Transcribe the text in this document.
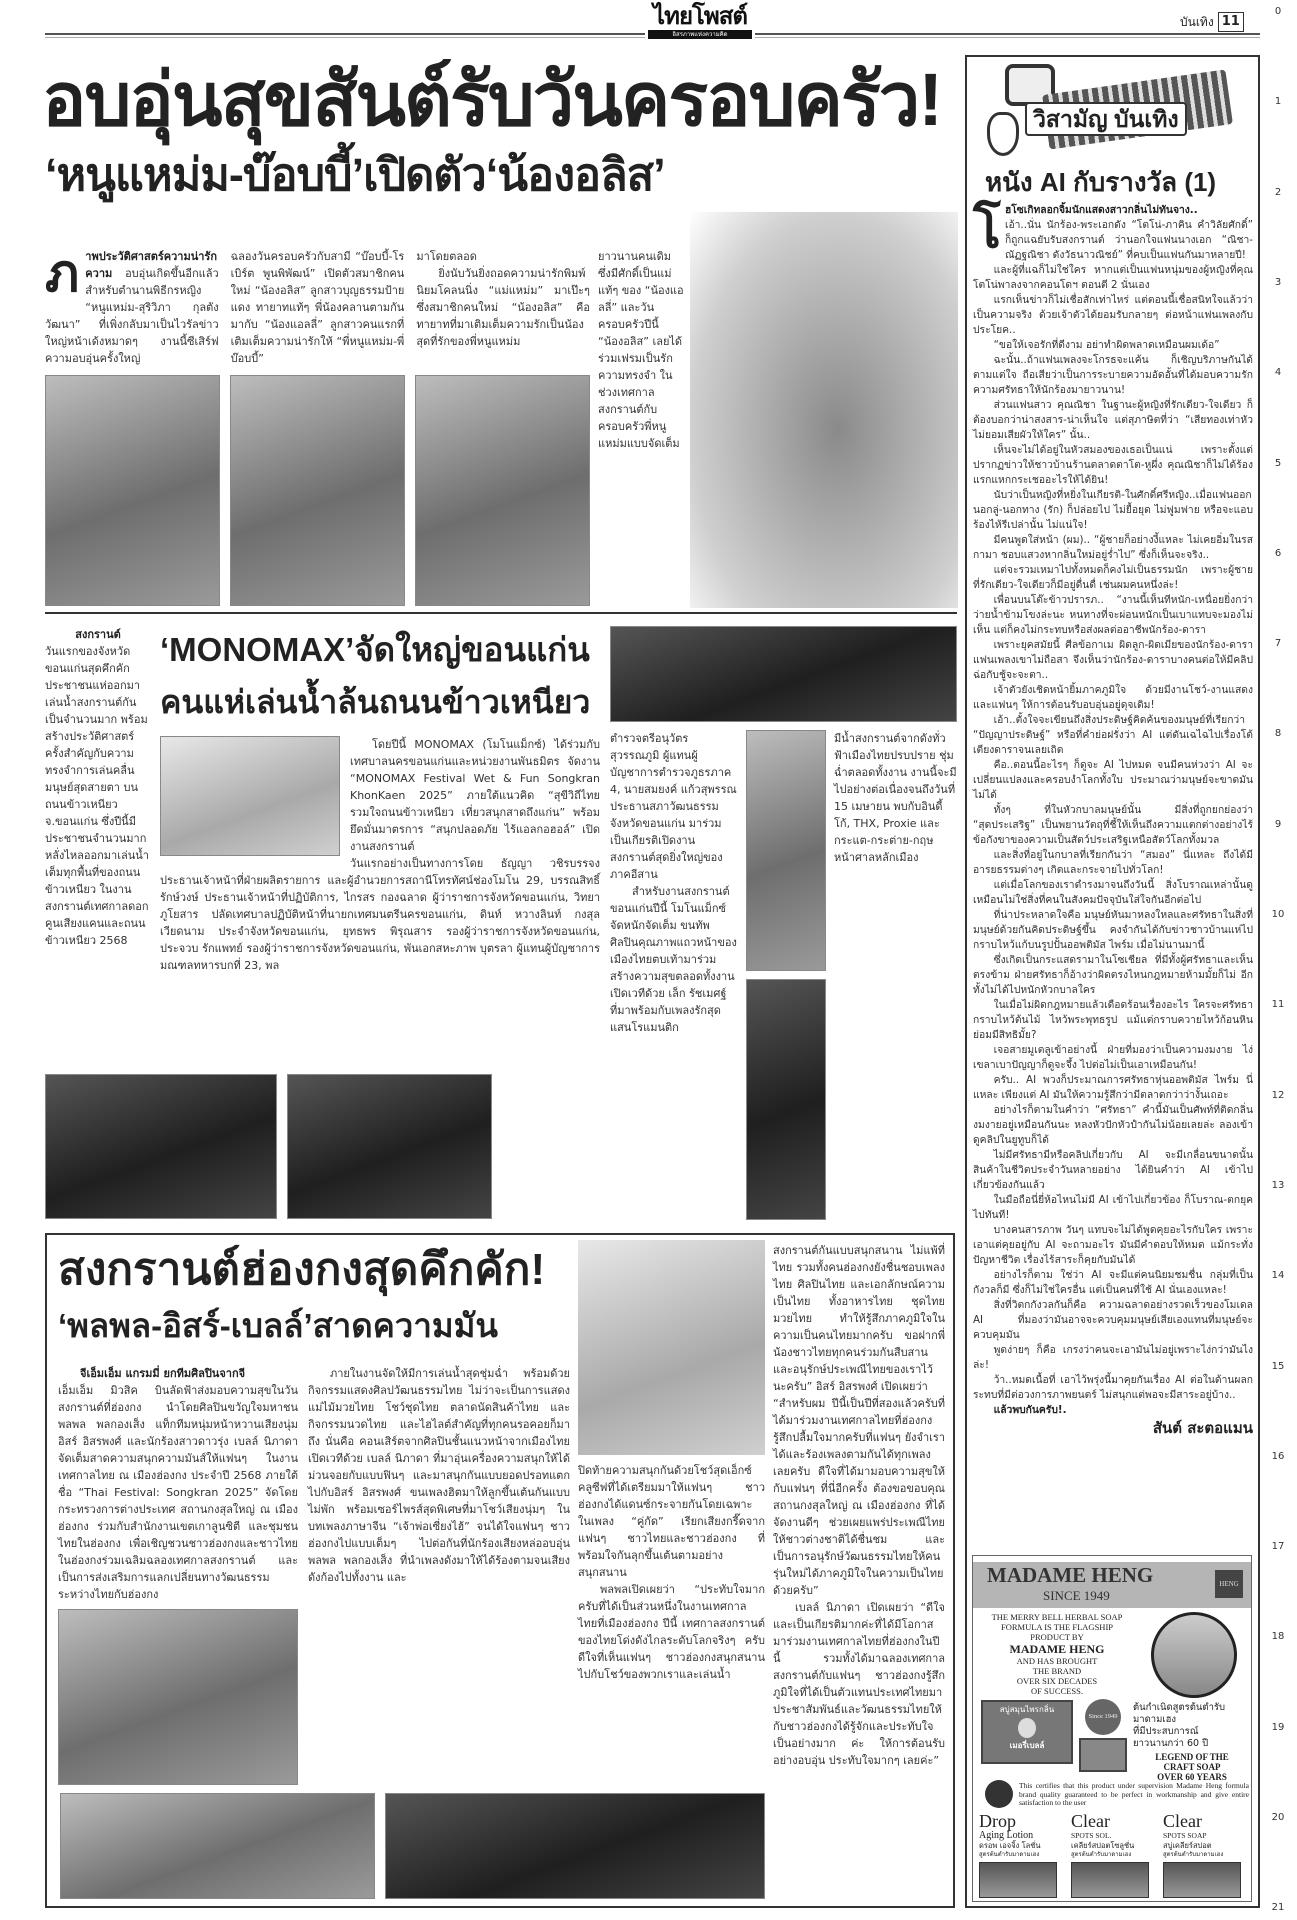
ไทยโพสต์
อิสรภาพแห่งความคิด
บันเทิง 11
0
1
2
3
4
5
6
7
8
9
10
11
12
13
14
15
16
17
18
19
20
21
อบอุ่นสุขสันต์รับวันครอบครัว!
‘หนูแหม่ม-บ๊อบบี้’เปิดตัว‘น้องอลิส’
ภ าพประวัติศาสตร์ความน่ารักความ อบอุ่นเกิดขึ้นอีกแล้ว สำหรับตำนานพิธีกรหญิง “หนูแหม่ม-สุริวิภา กุลตังวัฒนา” ที่เพิ่งกลับมาเป็นไวรัลข่าวใหญ่หน้าเด้งหมาดๆ งานนี้ซีเสิร์ฟความอบอุ่นครั้งใหญ่

ฉลองวันครอบครัวกับสามี “บ๊อบบี้-โรเบิร์ต พูนพิพัฒน์” เปิดตัวสมาชิกคนใหม่ “น้องอลิส” ลูกสาวบุญธรรมป้ายแดง ทายาทแท้ๆ พี่น้องคลานตามกันมากับ “น้องแอลลี่” ลูกสาวคนแรกที่เติมเต็มความน่ารักให้ “พี่หนูแหม่ม-พี่บ๊อบบี้”

มาโดยตลอด

ยิ่งนับวันยิ่งถอดความน่ารักพิมพ์นิยมโคลนนิ่ง “แม่แหม่ม” มาเป๊ะๆ ซึ่งสมาชิกคนใหม่ “น้องอลิส” คือทายาทที่มาเติมเต็มความรักเป็นน้องสุดที่รักของพี่หนูแหม่ม

ยาวนานคนเดิม ซึ่งมีศักดิ์เป็นแม่แท้ๆ ของ “น้องแอลลี่” และวันครอบครัวปีนี้ “น้องอลิส” เลยได้ร่วมเฟรมเป็นรักความทรงจำ ในช่วงเทศกาลสงกรานต์กับครอบครัวพี่หนูแหม่มแบบจัดเต็ม

สงกรานต์

วันแรกของจังหวัดขอนแก่นสุดคึกคัก ประชาชนแห่ออกมาเล่นน้ำสงกรานต์กันเป็นจำนวนมาก พร้อมสร้างประวัติศาสตร์ครั้งสำคัญกับความทรงจำการเล่นคลื่นมนุษย์สุดสายตา บนถนนข้าวเหนียว จ.ขอนแก่น ซึ่งปีนี้มีประชาชนจำนวนมากหลั่งไหลออกมาเล่นน้ำเต็มทุกพื้นที่ของถนนข้าวเหนียว ในงานสงกรานต์เทศกาลดอกคูนเสียงแคนและถนนข้าวเหนียว 2568

‘MONOMAX’จัดใหญ่ขอนแก่น
คนแห่เล่นน้ำล้นถนนข้าวเหนียว

โดยปีนี้ MONOMAX (โมโนแม็กซ์) ได้ร่วมกับ เทศบาลนครขอนแก่นและหน่วยงานพันธมิตร จัดงาน “MONOMAX Festival Wet & Fun Songkran KhonKaen 2025” ภายใต้แนวคิด “สุขีวิถีไทย รวมใจถนนข้าวเหนียว เที่ยวสนุกสาดถึงแก่น” พร้อมยึดมั่นมาตรการ “สนุกปลอดภัย ไร้แอลกอฮอล์” เปิดงานสงกรานต์

วันแรกอย่างเป็นทางการโดย ธัญญา วชิรบรรจง ประธานเจ้าหน้าที่ฝ่ายผลิตรายการ และผู้อำนวยการสถานีโทรทัศน์ช่องโมโน 29, บรรณสิทธิ์ รักษ์วงษ์ ประธานเจ้าหน้าที่ปฏิบัติการ, ไกรสร กองฉลาด ผู้ว่าราชการจังหวัดขอนแก่น, วิทยา ภูโยสาร ปลัดเทศบาลปฏิบัติหน้าที่นายกเทศมนตรีนครขอนแก่น, ดินท์ หวางลินท์ กงสุลเวียดนาม ประจำจังหวัดขอนแก่น, ยุทธพร พิรุณสาร รองผู้ว่าราชการจังหวัดขอนแก่น, ประจวบ รักแพทย์ รองผู้ว่าราชการจังหวัดขอนแก่น, พันเอกสหะภาพ บุตรลา ผู้แทนผู้บัญชาการมณฑลทหารบกที่ 23, พล

ตำรวจตรีอนุวัตร สุวรรณภูมิ ผู้แทนผู้บัญชาการตำรวจภูธรภาค 4, นายสมยงค์ แก้วสุพรรณ ประธานสภาวัฒนธรรมจังหวัดขอนแก่น มาร่วมเป็นเกียรติเปิดงานสงกรานต์สุดยิ่งใหญ่ของภาคอีสาน

สำหรับงานสงกรานต์ขอนแก่นปีนี้ โมโนแม็กซ์จัดหนักจัดเต็ม ขนทัพศิลปินคุณภาพแถวหน้าของเมืองไทยตบเท้ามาร่วมสร้างความสุขตลอดทั้งงาน เปิดเวทีด้วย เล็ก รัชเมศฐ์ ที่มาพร้อมกับเพลงรักสุดแสนโรแมนติก

มีน้ำสงกรานต์จากดังทั่วฟ้าเมืองไทยปรบปราย ชุ่มฉ่ำตลอดทั้งงาน งานนี้จะมีไปอย่างต่อเนื่องจนถึงวันที่ 15 เมษายน พบกับอินดี้โก้, THX, Proxie และกระแต-กระต่าย-กฤษ หน้าศาลหลักเมือง

สงกรานต์ฮ่องกงสุดคึกคัก!
‘พลพล-อิสร์-เบลล์’สาดความมัน

สงกรานต์กันแบบสนุกสนาน ไม่แพ้ที่ไทย รวมทั้งคนฮ่องกงยังชื่นชอบเพลงไทย ศิลปินไทย และเอกลักษณ์ความเป็นไทย ทั้งอาหารไทย ชุดไทย มวยไทย ทำให้รู้สึกภาคภูมิใจในความเป็นคนไทยมากครับ ขอฝากพี่น้องชาวไทยทุกคนร่วมกันสืบสานและอนุรักษ์ประเพณีไทยของเราไว้นะครับ” อิสร์ อิสรพงศ์ เปิดเผยว่า

“สำหรับผม ปีนี้เป็นปีที่สองแล้วครับที่ได้มาร่วมงานเทศกาลไทยที่ฮ่องกง รู้สึกปลื้มใจมากครับที่แฟนๆ ยังจำเราได้และร้องเพลงตามกันได้ทุกเพลงเลยครับ ดีใจที่ได้มามอบความสุขให้กับแฟนๆ ที่นี่อีกครั้ง ต้องขอขอบคุณสถานกงสุลใหญ่ ณ เมืองฮ่องกง ที่ได้จัดงานดีๆ ช่วยเผยแพร่ประเพณีไทยให้ชาวต่างชาติได้ชื่นชม และเป็นการอนุรักษ์วัฒนธรรมไทยให้คนรุ่นใหม่ได้ภาคภูมิใจในความเป็นไทยด้วยครับ”

เบลล์ นิภาดา เปิดเผยว่า “ดีใจและเป็นเกียรติมากค่ะที่ได้มีโอกาสมาร่วมงานเทศกาลไทยที่ฮ่องกงในปีนี้ รวมทั้งได้มาฉลองเทศกาลสงกรานต์กับแฟนๆ ชาวฮ่องกงรู้สึกภูมิใจที่ได้เป็นตัวแทนประเทศไทยมาประชาสัมพันธ์และวัฒนธรรมไทยให้กับชาวฮ่องกงได้รู้จักและประทับใจเป็นอย่างมาก ค่ะ ให้การต้อนรับอย่างอบอุ่น ประทับใจมากๆ เลยค่ะ”

จีเอ็มเอ็ม แกรมมี่ ยกทีมศิลปินจากจี

เอ็มเอ็ม มิวสิค บินลัดฟ้าส่งมอบความสุขในวันสงกรานต์ที่ฮ่องกง นำโดยศิลปินขวัญใจมหาชน พลพล พลกองเส็ง แท็กทีมหนุ่มหน้าหวานเสียงนุ่ม อิสร์ อิสรพงศ์ และนักร้องสาวดาวรุ่ง เบลล์ นิภาดา จัดเต็มสาดความสนุกความมันส์ให้แฟนๆ ในงานเทศกาลไทย ณ เมืองฮ่องกง ประจำปี 2568 ภายใต้ชื่อ “Thai Festival: Songkran 2025” จัดโดยกระทรวงการต่างประเทศ สถานกงสุลใหญ่ ณ เมืองฮ่องกง ร่วมกับสำนักงานเขตเกาลูนซิตี และชุมชนไทยในฮ่องกง เพื่อเชิญชวนชาวฮ่องกงและชาวไทยในฮ่องกงร่วมเฉลิมฉลองเทศกาลสงกรานต์ และเป็นการส่งเสริมการแลกเปลี่ยนทางวัฒนธรรมระหว่างไทยกับฮ่องกง

ภายในงานจัดให้มีการเล่นน้ำสุดชุ่มฉ่ำ พร้อมด้วยกิจกรรมแสดงศิลปวัฒนธรรมไทย ไม่ว่าจะเป็นการแสดงแม่ไม้มวยไทย โชว์ชุดไทย ตลาดนัดสินค้าไทย และกิจกรรมนวดไทย และไฮไลต์สำคัญที่ทุกคนรอคอยก็มาถึง นั่นคือ คอนเสิร์ตจากศิลปินชั้นแนวหน้าจากเมืองไทย เปิดเวทีด้วย เบลล์ นิภาดา ที่มาอุ่นเครื่องความสนุกให้ได้ม่วนจอยกับแบบฟินๆ และมาสนุกกันแบบยอดปรอทแตกไปกับอิสร์ อิสรพงศ์ ขนเพลงฮิตมาให้ลูกขึ้นเต้นกันแบบไม่พัก พร้อมเซอร์ไพรส์สุดพิเศษที่มาโชว์เสียงนุ่มๆ ในบทเพลงภาษาจีน “เจ้าพ่อเซี่ยงไฮ้” จนได้ใจแฟนๆ ชาวฮ่องกงไปแบบเต็มๆ ไปต่อกันที่นักร้องเสียงหล่ออบอุ่น พลพล พลกองเส็ง ที่นำเพลงดังมาให้ได้ร้องตามจนเสียงดังก้องไปทั้งงาน และ

ปิดท้ายความสนุกกันด้วยโชว์สุดเอ็กซ์คลูซีฟที่ได้เตรียมมาให้แฟนๆ ชาวฮ่องกงได้แดนซ์กระจายกันโดยเฉพาะ ในเพลง “คู่กัด” เรียกเสียงกรี๊ดจากแฟนๆ ชาวไทยและชาวฮ่องกง ที่พร้อมใจกันลุกขึ้นเต้นตามอย่างสนุกสนาน

พลพลเปิดเผยว่า “ประทับใจมากครับที่ได้เป็นส่วนหนึ่งในงานเทศกาลไทยที่เมืองฮ่องกง ปีนี้ เทศกาลสงกรานต์ของไทยโด่งดังไกลระดับโลกจริงๆ ครับ ดีใจที่เห็นแฟนๆ ชาวฮ่องกงสนุกสนานไปกับโชว์ของพวกเราและเล่นน้ำ

วิสามัญ บันเทิง
หนัง AI กับรางวัล (1)
โ ฮโซเกิทลอกจิ้มนักแสดงสาวกลิ่นไม่ทันจาง..

เอ้า..นั่น นักร้อง-พระเอกดัง “โตโน่-ภาคิน คำวิลัยศักดิ์” ก็ถูกแฉยับรับสงกรานต์ ว่านอกใจแฟนนางเอก “ณิชา-ณัฏฐณิชา ดังวัธนาวณิชย์” ที่คบเป็นแฟนกันมาหลายปี!

และผู้ที่แฉก็ไม่ใช่ใคร หากแต่เป็นแฟนหนุ่มของผู้หญิงที่คุณโตโน่พาลงจากคอนโดฯ ตอนตี 2 นั่นเอง

แรกเห็นข่าวก็ไม่เชื่อสักเท่าไหร่ แต่ตอนนี้เชื่อสนิทใจแล้วว่าเป็นความจริง ด้วยเจ้าตัวได้ยอมรับกลายๆ ต่อหน้าแฟนเพลงกับประโยค..

“ขอให้เจอรักที่ดีงาม อย่าทำผิดพลาดเหมือนผมเด้อ”

ฉะนั้น..ถ้าแฟนเพลงจะโกรธจะแค้น ก็เชิญบริภาษกันได้ตามแต่ใจ ถือเสียว่าเป็นการระบายความอัดอั้นที่ได้มอบความรักความศรัทธาให้นักร้องมายาวนาน!

ส่วนแฟนสาว คุณณิชา ในฐานะผู้หญิงที่รักเดียว-ใจเดียว ก็ต้องบอกว่าน่าสงสาร-น่าเห็นใจ แต่สุภาษิตที่ว่า “เสียทองเท่าหัว ไม่ยอมเสียผัวให้ใคร” นั้น..

เห็นจะไม่ได้อยู่ในหัวสมองของเธอเป็นแน่ เพราะตั้งแต่ปรากฏข่าวให้ชาวบ้านร้านตลาดตาโต-หูผึ่ง คุณณิชาก็ไม่ได้ร้องแรกแหกกระเชออะไรให้ได้ยิน!

นับว่าเป็นหญิงที่หยิ่งในเกียรติ-ในศักดิ์ศรีหญิง..เมื่อแฟนออกนอกลู่-นอกทาง (รัก) ก็ปล่อยไป ไม่ยื้อยุด ไม่ฟูมฟาย หรือจะแอบร้องไห้รีเปล่านั้น ไม่แน่ใจ!

มีคนพูดใส่หน้า (ผม).. “ผู้ชายก็อย่างงี้แหละ ไม่เคยอิ่มในรสกามา ชอบแสวงหากลิ่นใหม่อยู่ร่ำไป” ซึ่งก็เห็นจะจริง..

แต่จะรวมเหมาไปทั้งหมดก็คงไม่เป็นธรรมนัก เพราะผู้ชายที่รักเดียว-ใจเดียวก็มีอยู่ดื่นดื่ เช่นผมคนหนึ่งล่ะ!

เพื่อนบนโต๊ะข้าวปรารภ.. “งานนี้เห็นทีหนัก-เหนื่อยยิ่งกว่าว่ายน้ำข้ามโขงล่ะนะ หนทางที่จะผ่อนหนักเป็นเบาแทบจะมองไม่เห็น แต่ก็คงไม่กระทบหรือส่งผลต่ออาชีพนักร้อง-ดารา

เพราะยุคสมัยนี้ ศีลข้อกาเม ผิดลูก-ผิดเมียของนักร้อง-ดารา แฟนเพลงเขาไม่ถือสา จึงเห็นว่านักร้อง-ดาราบางคนต่อให้มีคลิปฉ่อกับชู้จะจะตา..

เจ้าตัวยังเชิดหน้ายิ้มภาคภูมิใจ ด้วยมีงานโชว์-งานแสดงและแฟนๆ ให้การต้อนรับอบอุ่นอยู่ดุจเดิม!

เอ้า..ตั้งใจจะเขียนถึงสิ่งประดิษฐ์คิดค้นของมนุษย์ที่เรียกว่า “ปัญญาประดิษฐ์” หรือที่คำย่อฝรั่งว่า AI แต่ดันเฉไฉไปเรื่องโต้เตียงดาราจนเลยเถิด

คือ..ตอนนี้อะไรๆ ก็ดูจะ AI ไปหมด จนมีคนห่วงว่า AI จะเปลี่ยนแปลงและครอบงำโลกทั้งใบ ประมาณว่ามนุษย์จะขาดมันไม่ได้

ทั้งๆ ที่ในหัวกบาลมนุษย์นั้น มีสิ่งที่ถูกยกย่องว่า “สุดประเสริฐ” เป็นพยานวัตถุที่ชี้ให้เห็นถึงความแตกต่างอย่างไร้ข้อกังขาของความเป็นสัตว์ประเสริฐเหนือสัตว์โลกทั้งมวล

และสิ่งที่อยู่ในกบาลที่เรียกกันว่า “สมอง” นี่แหละ ถึงได้มีอารยธรรมต่างๆ เกิดและกระจายไปทั่วโลก!

แต่เมื่อโลกของเราดำรงมาจนถึงวันนี้ สิ่งโบราณเหล่านั้นดูเหมือนไม่ใช่สิ่งที่คนในสังคมปัจจุบันใส่ใจกันอีกต่อไป

ที่น่าประหลาดใจคือ มนุษย์หันมาหลงใหลและศรัทธาในสิ่งที่มนุษย์ด้วยกันคิดประดิษฐ์ขึ้น คงจำกันได้กับข่าวชาวบ้านแห่ไปกราบไหว้แก้บนรูปปั้นออพติมัส ไพร์ม เมื่อไม่นานมานี้

ซึ่งเกิดเป็นกระแสดรามาในโซเชียล ที่มีทั้งผู้ศรัทธาและเห็นตรงข้าม ฝ่ายศรัทธาก็อ้างว่าผิดตรงไหนกฎหมายห้ามมั้ยก็ไม่ อีกทั้งไม่ได้ไปหนักหัวกบาลใคร

ในเมื่อไม่ผิดกฎหมายแล้วเดือดร้อนเรื่องอะไร ใครจะศรัทธากราบไหว้ต้นไม้ ไหว้พระพุทธรูป แม้แต่กราบควายไหว้ก้อนหิน ย่อมมีสิทธิมั้ย?

เจอสายมูเตลูเข้าอย่างนี้ ฝ่ายที่มองว่าเป็นความงมงาย ไง่เขลาเบาปัญญาก็ดูจะจึ้ง ไปต่อไม่เป็นเอาเหมือนกัน!

ครับ.. AI พวงก็ประมาณการศรัทธาหุ่นออพติมัส ไพร์ม นี่แหละ เพียงแต่ AI มันให้ความรู้สึกว่ามีตลาดกว่าว่างั้นเถอะ

อย่างไรก็ตามในคำว่า “ศรัทธา” คำนี้มันเป็นศัพท์ที่ติดกลิ่นงมงายอยู่เหมือนกันนะ หลงหัวปักหัวปำกันไม่น้อยเลยล่ะ ลองเข้าดูคลิปในยูทูบก็ได้

ไม่มีศรัทธามีหรือคลิปเกี่ยวกับ AI จะมีเกลื่อนขนาดนั้น สินค้าในชีวิตประจำวันหลายอย่าง ได้ยินคำว่า AI เข้าไปเกี่ยวข้องกันแล้ว

ในมือถือนี่ยี่ห้อไหนไม่มี AI เข้าไปเกี่ยวข้อง ก็โบราณ-ตกยุคไปทันที!

บางคนสารภาพ วันๆ แทบจะไม่ได้พูดคุยอะไรกับใคร เพราะเอาแต่คุยอยู่กับ AI จะถามอะไร มันมีคำตอบให้หมด แม้กระทั่งปัญหาชีวิต เรื่องไร้สาระก็คุยกับมันได้

อย่างไรก็ตาม ใช่ว่า AI จะมีแต่คนนิยมชมชื่น กลุ่มที่เป็นกังวลก็มี ซึ่งก็ไม่ใช่ใครอื่น แต่เป็นคนที่ใช้ AI นั่นเองแหละ!

สิ่งที่วิตกกังวลกันก็คือ ความฉลาดอย่างรวดเร็วของโมเดล AI ที่มองว่ามันอาจจะควบคุมมนุษย์เสียเองแทนที่มนุษย์จะควบคุมมัน

พูดง่ายๆ ก็คือ เกรงว่าคนจะเอามันไม่อยู่เพราะไง่กว่ามันไงล่ะ!

ว้า..หมดเนื้อที่ เอาไว้พรุ่งนี้มาคุยกันเรื่อง AI ต่อในด้านผลกระทบที่มีต่อวงการภาพยนตร์ ไม่สนุกแต่พอจะมีสาระอยู่บ้าง..

แล้วพบกันครับ!.

สันต์ สะตอแมน

MADAME HENG
SINCE 1949
HENG
THE MERRY BELL HERBAL SOAP
FORMULA IS THE FLAGSHIP
PRODUCT BY
MADAME HENG
AND HAS BROUGHT
THE BRAND
OVER SIX DECADES
OF SUCCESS.
สบู่สมุนไพรกลิ่น
เมอรี่เบลล์
Since 1949
ต้นกำเนิดสูตรต้นตำรับ
มาดามเฮง
ที่มีประสบการณ์
ยาวนานกว่า 60 ปี
LEGEND OF THE
CRAFT SOAP
OVER 60 YEARS
This certifies that this product under supervision Madame Heng formula brand quality guaranteed to be perfect in workmanship and give entire satisfaction to the user
Drop
Aging Lotion
ดรอพ เอจจิ้ง โลชั่น
สูตรต้นตำรับมาดามเฮง
Clear
SPOTS SOL.
เคลียร์สปอตโซลูชั่น
สูตรต้นตำรับมาดามเฮง
Clear
SPOTS SOAP
สบู่เคลียร์สปอต
สูตรต้นตำรับมาดามเฮง
